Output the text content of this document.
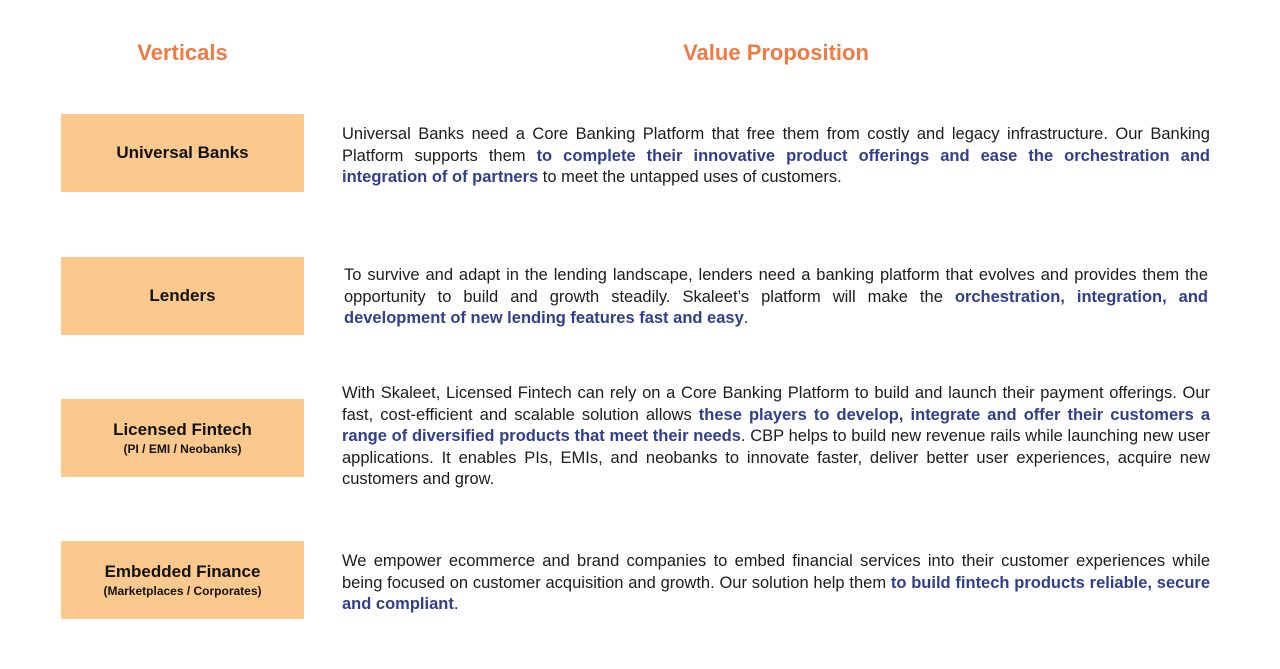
Verticals	Value Proposition
Universal Banks
Universal Banks need a Core Banking Platform that free them from costly and legacy infrastructure. Our Banking Platform supports them to complete their innovative product offerings and ease the orchestration and integration of of partners to meet the untapped uses of customers.
Lenders
To survive and adapt in the lending landscape, lenders need a banking platform that evolves and provides them the opportunity to build and growth steadily. Skaleet’s platform will make the orchestration, integration, and development of new lending features fast and easy.
Licensed Fintech
(PI / EMI / Neobanks)
With Skaleet, Licensed Fintech can rely on a Core Banking Platform to build and launch their payment offerings. Our fast, cost-efficient and scalable solution allows these players to develop, integrate and offer their customers a range of diversified products that meet their needs. CBP helps to build new revenue rails while launching new user applications. It enables PIs, EMIs, and neobanks to innovate faster, deliver better user experiences, acquire new customers and grow.
Embedded Finance
(Marketplaces / Corporates)
We empower ecommerce and brand companies to embed financial services into their customer experiences while being focused on customer acquisition and growth. Our solution help them to build fintech products reliable, secure and compliant.
